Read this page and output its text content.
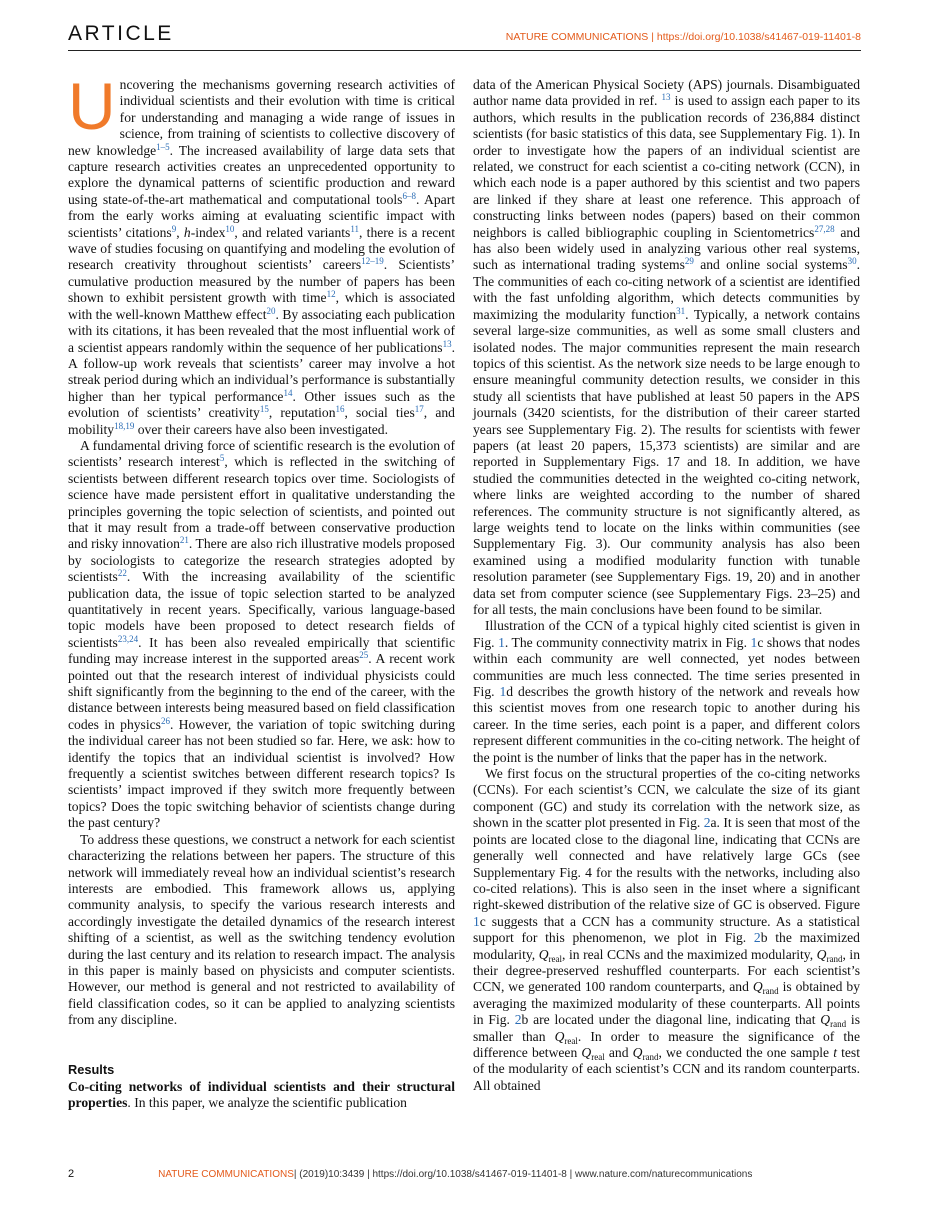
ARTICLE	NATURE COMMUNICATIONS | https://doi.org/10.1038/s41467-019-11401-8

Uncovering the mechanisms governing research activities of individual scientists and their evolution with time is critical for understanding and managing a wide range of issues in science, from training of scientists to collective discovery of new knowledge$^{1-5}$. The increased availability of large data sets that capture research activities creates an unprecedented opportunity to explore the dynamical patterns of scientific production and reward using state-of-the-art mathematical and computational tools$^{6-8}$. Apart from the early works aiming at evaluating scientific impact with scientists’ citations$^9$, h-index$^{10}$, and related variants$^{11}$, there is a recent wave of studies focusing on quantifying and modeling the evolution of research creativity throughout scientists’ careers$^{12-19}$. Scientists’ cumulative production measured by the number of papers has been shown to exhibit persistent growth with time$^{12}$, which is associated with the well-known Matthew effect$^{20}$. By associating each publication with its citations, it has been revealed that the most influential work of a scientist appears randomly within the sequence of her publications$^{13}$. A follow-up work reveals that scientists’ career may involve a hot streak period during which an individual’s performance is substantially higher than her typical performance$^{14}$. Other issues such as the evolution of scientists’ creativity$^{15}$, reputation$^{16}$, social ties$^{17}$, and mobility$^{18,19}$ over their careers have also been investigated.

A fundamental driving force of scientific research is the evolution of scientists’ research interest$^5$, which is reflected in the switching of scientists between different research topics over time. Sociologists of science have made persistent effort in qualitative understanding the principles governing the topic selection of scientists, and pointed out that it may result from a trade-off between conservative production and risky innovation$^{21}$. There are also rich illustrative models proposed by sociologists to categorize the research strategies adopted by scientists$^{22}$. With the increasing availability of the scientific publication data, the issue of topic selection started to be analyzed quantitatively in recent years. Specifically, various language-based topic models have been proposed to detect research fields of scientists$^{23,24}$. It has been also revealed empirically that scientific funding may increase interest in the supported areas$^{25}$. A recent work pointed out that the research interest of individual physicists could shift significantly from the beginning to the end of the career, with the distance between interests being measured based on field classification codes in physics$^{26}$. However, the variation of topic switching during the individual career has not been studied so far. Here, we ask: how to identify the topics that an individual scientist is involved? How frequently a scientist switches between different research topics? Is scientists’ impact improved if they switch more frequently between topics? Does the topic switching behavior of scientists change during the past century?

To address these questions, we construct a network for each scientist characterizing the relations between her papers. The structure of this network will immediately reveal how an individual scientist’s research interests are embodied. This framework allows us, applying community analysis, to specify the various research interests and accordingly investigate the detailed dynamics of the research interest shifting of a scientist, as well as the switching tendency evolution during the last century and its relation to research impact. The analysis in this paper is mainly based on physicists and computer scientists. However, our method is general and not restricted to availability of field classification codes, so it can be applied to analyzing scientists from any discipline.

Results

Co-citing networks of individual scientists and their structural properties. In this paper, we analyze the scientific publication

data of the American Physical Society (APS) journals. Disambiguated author name data provided in ref. $^{13}$ is used to assign each paper to its authors, which results in the publication records of 236,884 distinct scientists (for basic statistics of this data, see Supplementary Fig. 1). In order to investigate how the papers of an individual scientist are related, we construct for each scientist a co-citing network (CCN), in which each node is a paper authored by this scientist and two papers are linked if they share at least one reference. This approach of constructing links between nodes (papers) based on their common neighbors is called bibliographic coupling in Scientometrics$^{27,28}$ and has also been widely used in analyzing various other real systems, such as international trading systems$^{29}$ and online social systems$^{30}$. The communities of each co-citing network of a scientist are identified with the fast unfolding algorithm, which detects communities by maximizing the modularity function$^{31}$. Typically, a network contains several large-size communities, as well as some small clusters and isolated nodes. The major communities represent the main research topics of this scientist. As the network size needs to be large enough to ensure meaningful community detection results, we consider in this study all scientists that have published at least 50 papers in the APS journals (3420 scientists, for the distribution of their career started years see Supplementary Fig. 2). The results for scientists with fewer papers (at least 20 papers, 15,373 scientists) are similar and are reported in Supplementary Figs. 17 and 18. In addition, we have studied the communities detected in the weighted co-citing network, where links are weighted according to the number of shared references. The community structure is not significantly altered, as large weights tend to locate on the links within communities (see Supplementary Fig. 3). Our community analysis has also been examined using a modified modularity function with tunable resolution parameter (see Supplementary Figs. 19, 20) and in another data set from computer science (see Supplementary Figs. 23–25) and for all tests, the main conclusions have been found to be similar.

Illustration of the CCN of a typical highly cited scientist is given in Fig. 1. The community connectivity matrix in Fig. 1c shows that nodes within each community are well connected, yet nodes between communities are much less connected. The time series presented in Fig. 1d describes the growth history of the network and reveals how this scientist moves from one research topic to another during his career. In the time series, each point is a paper, and different colors represent different communities in the co-citing network. The height of the point is the number of links that the paper has in the network.

We first focus on the structural properties of the co-citing networks (CCNs). For each scientist’s CCN, we calculate the size of its giant component (GC) and study its correlation with the network size, as shown in the scatter plot presented in Fig. 2a. It is seen that most of the points are located close to the diagonal line, indicating that CCNs are generally well connected and have relatively large GCs (see Supplementary Fig. 4 for the results with the networks, including also co-cited relations). This is also seen in the inset where a significant right-skewed distribution of the relative size of GC is observed. Figure 1c suggests that a CCN has a community structure. As a statistical support for this phenomenon, we plot in Fig. 2b the maximized modularity, $Q_{real}$, in real CCNs and the maximized modularity, $Q_{rand}$, in their degree-preserved reshuffled counterparts. For each scientist’s CCN, we generated 100 random counterparts, and $Q_{rand}$ is obtained by averaging the maximized modularity of these counterparts. All points in Fig. 2b are located under the diagonal line, indicating that $Q_{rand}$ is smaller than $Q_{real}$. In order to measure the significance of the difference between $Q_{real}$ and $Q_{rand}$, we conducted the one sample t test of the modularity of each scientist’s CCN and its random counterparts. All obtained

2	NATURE COMMUNICATIONS| (2019)10:3439 | https://doi.org/10.1038/s41467-019-11401-8 | www.nature.com/naturecommunications
